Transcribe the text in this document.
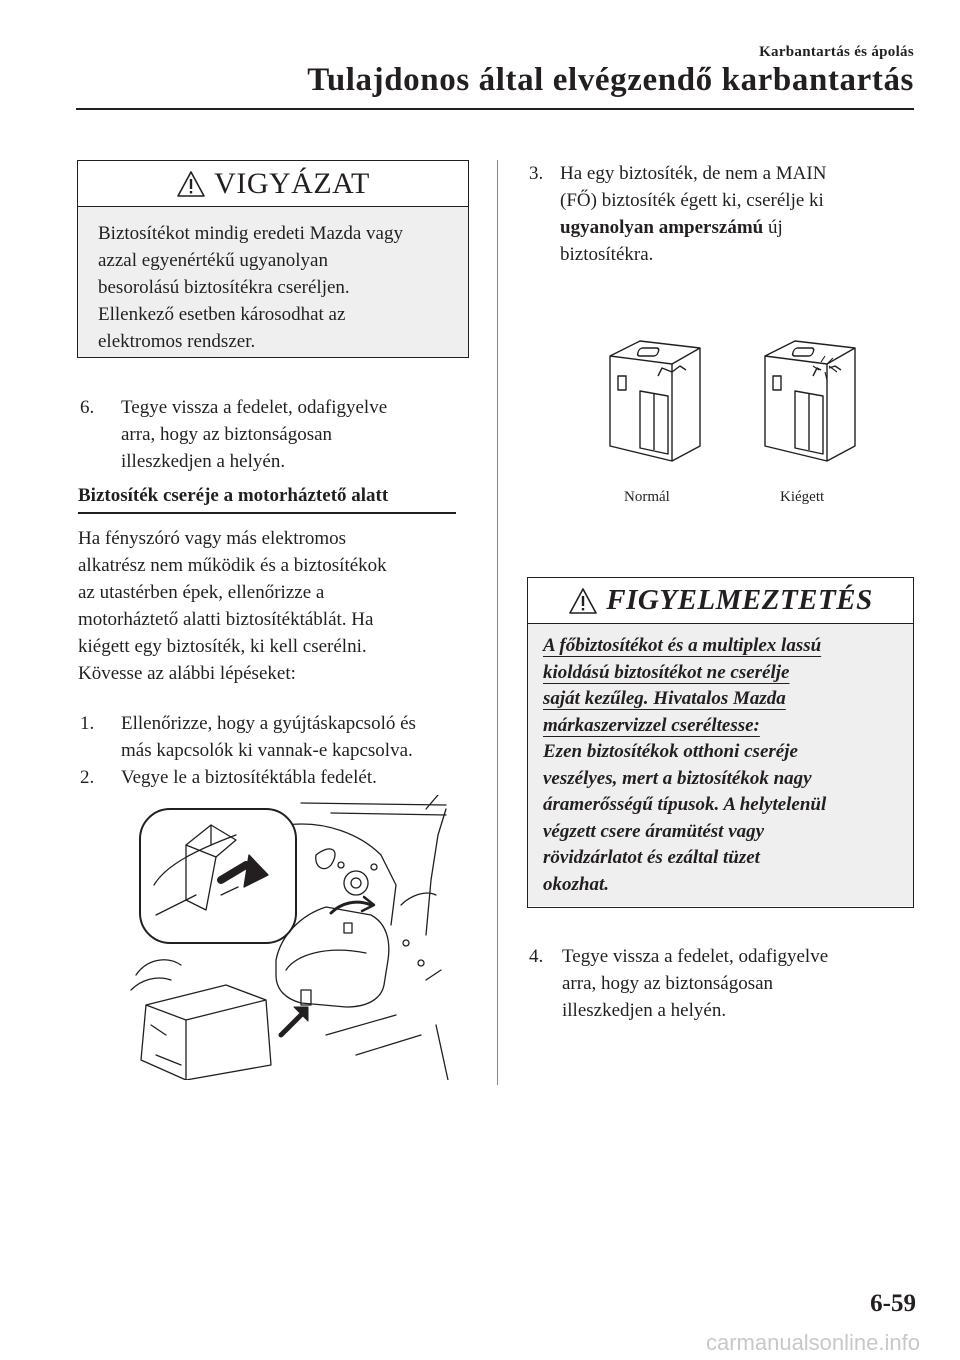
Karbantartás és ápolás
Tulajdonos által elvégzendő karbantartás
VIGYÁZAT
Biztosítékot mindig eredeti Mazda vagy
azzal egyenértékű ugyanolyan
besorolású biztosítékra cseréljen.
Ellenkező esetben károsodhat az
elektromos rendszer.
6. Tegye vissza a fedelet, odafigyelve
arra, hogy az biztonságosan
illeszkedjen a helyén.
Biztosíték cseréje a motorháztető alatt
Ha fényszóró vagy más elektromos
alkatrész nem működik és a biztosítékok
az utastérben épek, ellenőrizze a
motorháztető alatti biztosítéktáblát. Ha
kiégett egy biztosíték, ki kell cserélni.
Kövesse az alábbi lépéseket:
1. Ellenőrizze, hogy a gyújtáskapcsoló és
más kapcsolók ki vannak-e kapcsolva.
2. Vegye le a biztosítéktábla fedelét.
3. Ha egy biztosíték, de nem a MAIN
(FŐ) biztosíték égett ki, cserélje ki
ugyanolyan amperszámú új
biztosítékra.
Normál	Kiégett
FIGYELMEZTETÉS
A főbiztosítékot és a multiplex lassú
kioldású biztosítékot ne cserélje
saját kezűleg. Hivatalos Mazda
márkaszervizzel cseréltesse:
Ezen biztosítékok otthoni cseréje
veszélyes, mert a biztosítékok nagy
áramerősségű típusok. A helytelenül
végzett csere áramütést vagy
rövidzárlatot és ezáltal tüzet
okozhat.
4. Tegye vissza a fedelet, odafigyelve
arra, hogy az biztonságosan
illeszkedjen a helyén.
6-59
carmanualsonline.info
